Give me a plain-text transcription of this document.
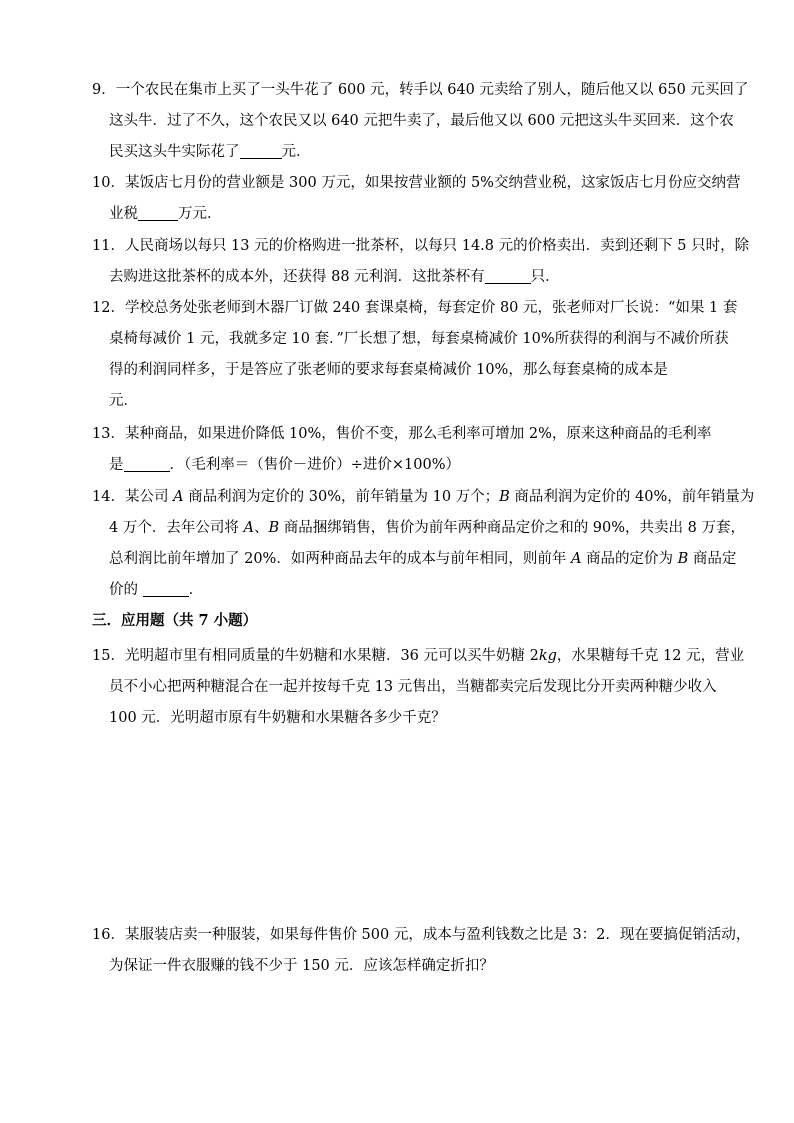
9．一个农民在集市上买了一头牛花了 600 元，转手以 640 元卖给了别人，随后他又以 650 元买回了
这头牛．过了不久，这个农民又以 640 元把牛卖了，最后他又以 600 元把这头牛买回来．这个农
民买这头牛实际花了	元．
10．某饭店七月份的营业额是 300 万元，如果按营业额的 5%交纳营业税，这家饭店七月份应交纳营
业税	万元．
11．人民商场以每只 13 元的价格购进一批茶杯，以每只 14.8 元的价格卖出．卖到还剩下 5 只时，除
去购进这批茶杯的成本外，还获得 88 元利润．这批茶杯有	只．
12．学校总务处张老师到木器厂订做 240 套课桌椅，每套定价 80 元，张老师对厂长说：“如果 1 套
桌椅每减价 1 元，我就多定 10 套．”厂长想了想，每套桌椅减价 10%所获得的利润与不减价所获
得的利润同样多，于是答应了张老师的要求每套桌椅减价 10%，那么每套桌椅的成本是
元．
13．某种商品，如果进价降低 10%，售价不变，那么毛利率可增加 2%，原来这种商品的毛利率
是	．（毛利率＝（售价－进价）÷进价×100%）
14．某公司 A 商品利润为定价的 30%，前年销量为 10 万个；B 商品利润为定价的 40%，前年销量为
4 万个．去年公司将 A、B 商品捆绑销售，售价为前年两种商品定价之和的 90%，共卖出 8 万套，
总利润比前年增加了 20%．如两种商品去年的成本与前年相同，则前年 A 商品的定价为 B 商品定
价的	．
三．应用题（共 7 小题）
15．光明超市里有相同质量的牛奶糖和水果糖．36 元可以买牛奶糖 2kg，水果糖每千克 12 元，营业
员不小心把两种糖混合在一起并按每千克 13 元售出，当糖都卖完后发现比分开卖两种糖少收入
100 元．光明超市原有牛奶糖和水果糖各多少千克？
16．某服装店卖一种服装，如果每件售价 500 元，成本与盈利钱数之比是 3：2．现在要搞促销活动，
为保证一件衣服赚的钱不少于 150 元．应该怎样确定折扣？
